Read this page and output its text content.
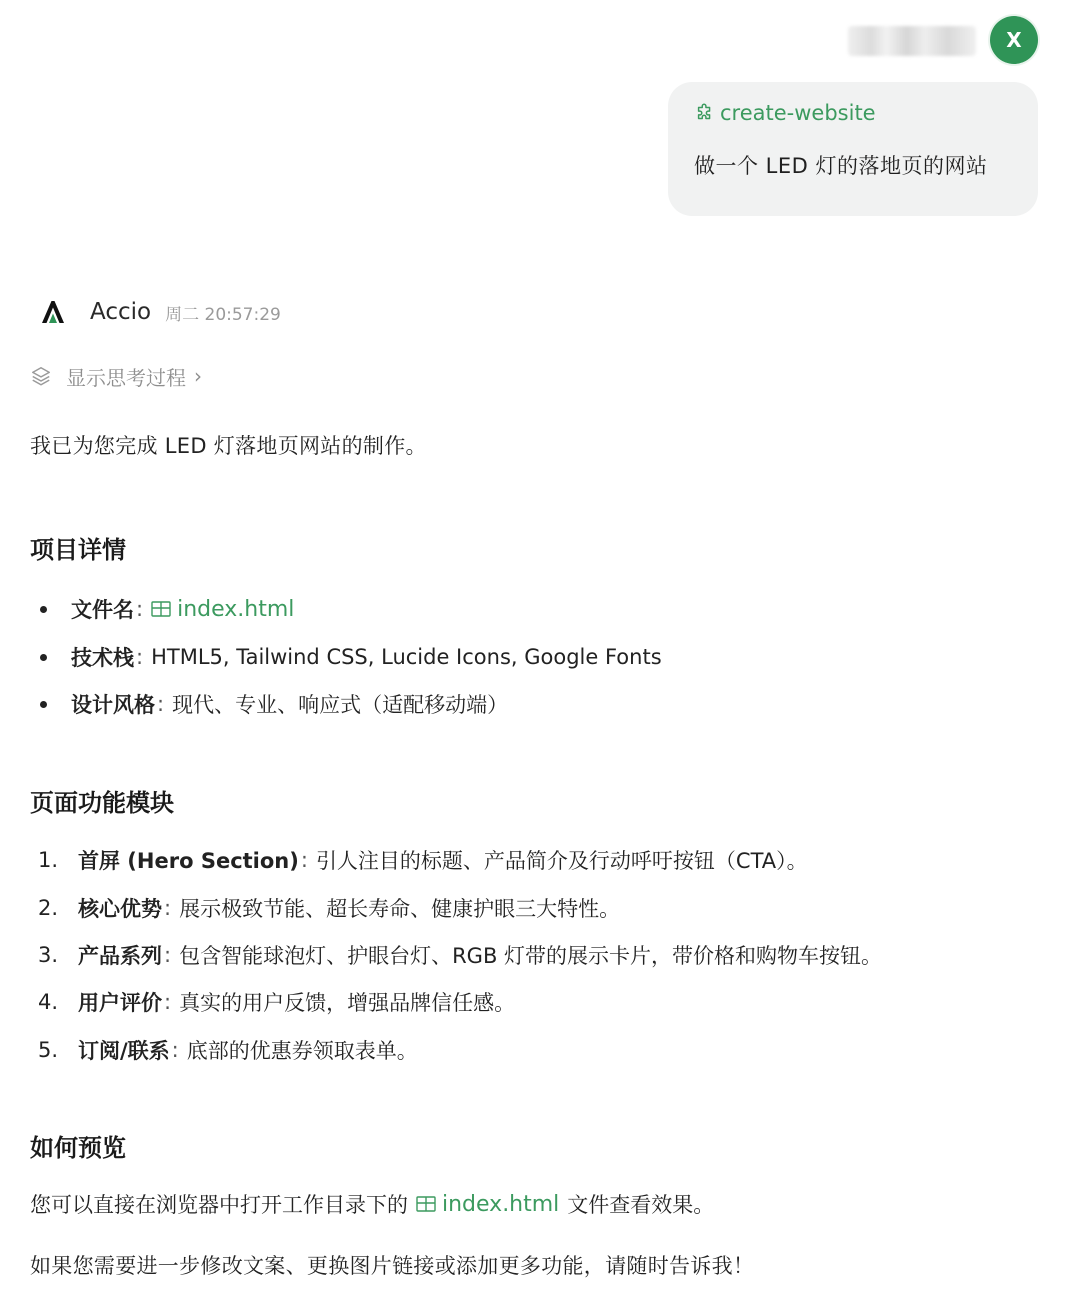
X
create-website
做一个 LED 灯的落地页的网站
Accio 周二 20:57:29
显示思考过程 ›
我已为您完成 LED 灯落地页网站的制作。
项目详情
文件名 : index.html
技术栈 : HTML5, Tailwind CSS, Lucide Icons, Google Fonts
设计风格 : 现代、专业、响应式（适配移动端）
页面功能模块
1. 首屏 (Hero Section) : 引人注目的标题、产品简介及行动呼吁按钮（CTA）。
2. 核心优势 : 展示极致节能、超长寿命、健康护眼三大特性。
3. 产品系列 : 包含智能球泡灯、护眼台灯、RGB 灯带的展示卡片，带价格和购物车按钮。
4. 用户评价 : 真实的用户反馈，增强品牌信任感。
5. 订阅/联系 : 底部的优惠券领取表单。
如何预览
您可以直接在浏览器中打开工作目录下的 index.html 文件查看效果。
如果您需要进一步修改文案、更换图片链接或添加更多功能，请随时告诉我！
